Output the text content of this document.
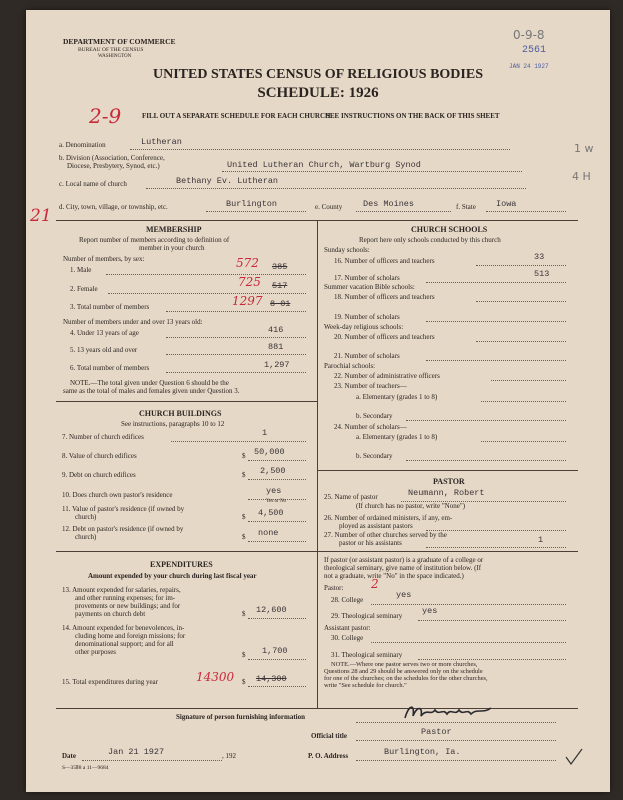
DEPARTMENT OF COMMERCE
BUREAU OF THE CENSUS
WASHINGTON
0-9-8
2561
JAN 24 1927
UNITED STATES CENSUS OF RELIGIOUS BODIES
SCHEDULE: 1926
2-9	FILL OUT A SEPARATE SCHEDULE FOR EACH CHURCH.
SEE INSTRUCTIONS ON THE BACK OF THIS SHEET
21
1 w
4 H
a. Denomination	Lutheran
b. Division (Association, Conference,
Diocese, Presbytery, Synod, etc.)	United Lutheran Church, Wartburg Synod
c. Local name of church	Bethany Ev. Lutheran
d. City, town, village, or township, etc.	Burlington	e. County Des Moines	f. State Iowa
MEMBERSHIP
Report number of members according to definition of
member in your church
Number of members, by sex:
1. Male	385
572
2. Female	517
725
3. Total number of members	8 01
1297
Number of members under and over 13 years old:
4. Under 13 years of age	416
5. 13 years old and over	881
6. Total number of members	1,297
NOTE.—The total given under Question 6 should be the
same as the total of males and females given under Question 3.
CHURCH BUILDINGS
See instructions, paragraphs 10 to 12
7. Number of church edifices	1
8. Value of church edifices	$ 50,000
9. Debt on church edifices	$ 2,500
10. Does church own pastor's residence	yes
Yes or No
11. Value of pastor's residence (if owned by
church)	$ 4,500
12. Debt on pastor's residence (if owned by
church)	$ none
EXPENDITURES
Amount expended by your church during last fiscal year
13. Amount expended for salaries, repairs,
and other running expenses; for im-
provements or new buildings; and for
payments on church debt	$ 12,600
14. Amount expended for benevolences, in-
cluding home and foreign missions; for
denominational support; and for all
other purposes	$ 1,700
15. Total expenditures during year	$ 14,300
14300
CHURCH SCHOOLS
Report here only schools conducted by this church
Sunday schools:
16. Number of officers and teachers	33
17. Number of scholars	513
Summer vacation Bible schools:
18. Number of officers and teachers
19. Number of scholars
Week-day religious schools:
20. Number of officers and teachers
21. Number of scholars
Parochial schools:
22. Number of administrative officers
23. Number of teachers—
a. Elementary (grades 1 to 8)
b. Secondary
24. Number of scholars—
a. Elementary (grades 1 to 8)
b. Secondary
PASTOR
25. Name of pastor	Neumann, Robert
(If church has no pastor, write "None")
26. Number of ordained ministers, if any, em-
ployed as assistant pastors
27. Number of other churches served by the
pastor or his assistants	1
If pastor (or assistant pastor) is a graduate of a college or
theological seminary, give name of institution below. (If
not a graduate, write "No" in the space indicated.)
Pastor: 2
28. College	yes
29. Theological seminary yes
Assistant pastor:
30. College
31. Theological seminary
NOTE.—Where one pastor serves two or more churches,
Questions 28 and 29 should be answered only on the schedule
for one of the churches; on the schedules for the other churches,
write "See schedule for church."
Signature of person furnishing information
Official title	Pastor
Date	Jan 21 1927	, 192	P. O. Address	Burlington, Ia.
S—35Ⅱ8 a 11—9684
